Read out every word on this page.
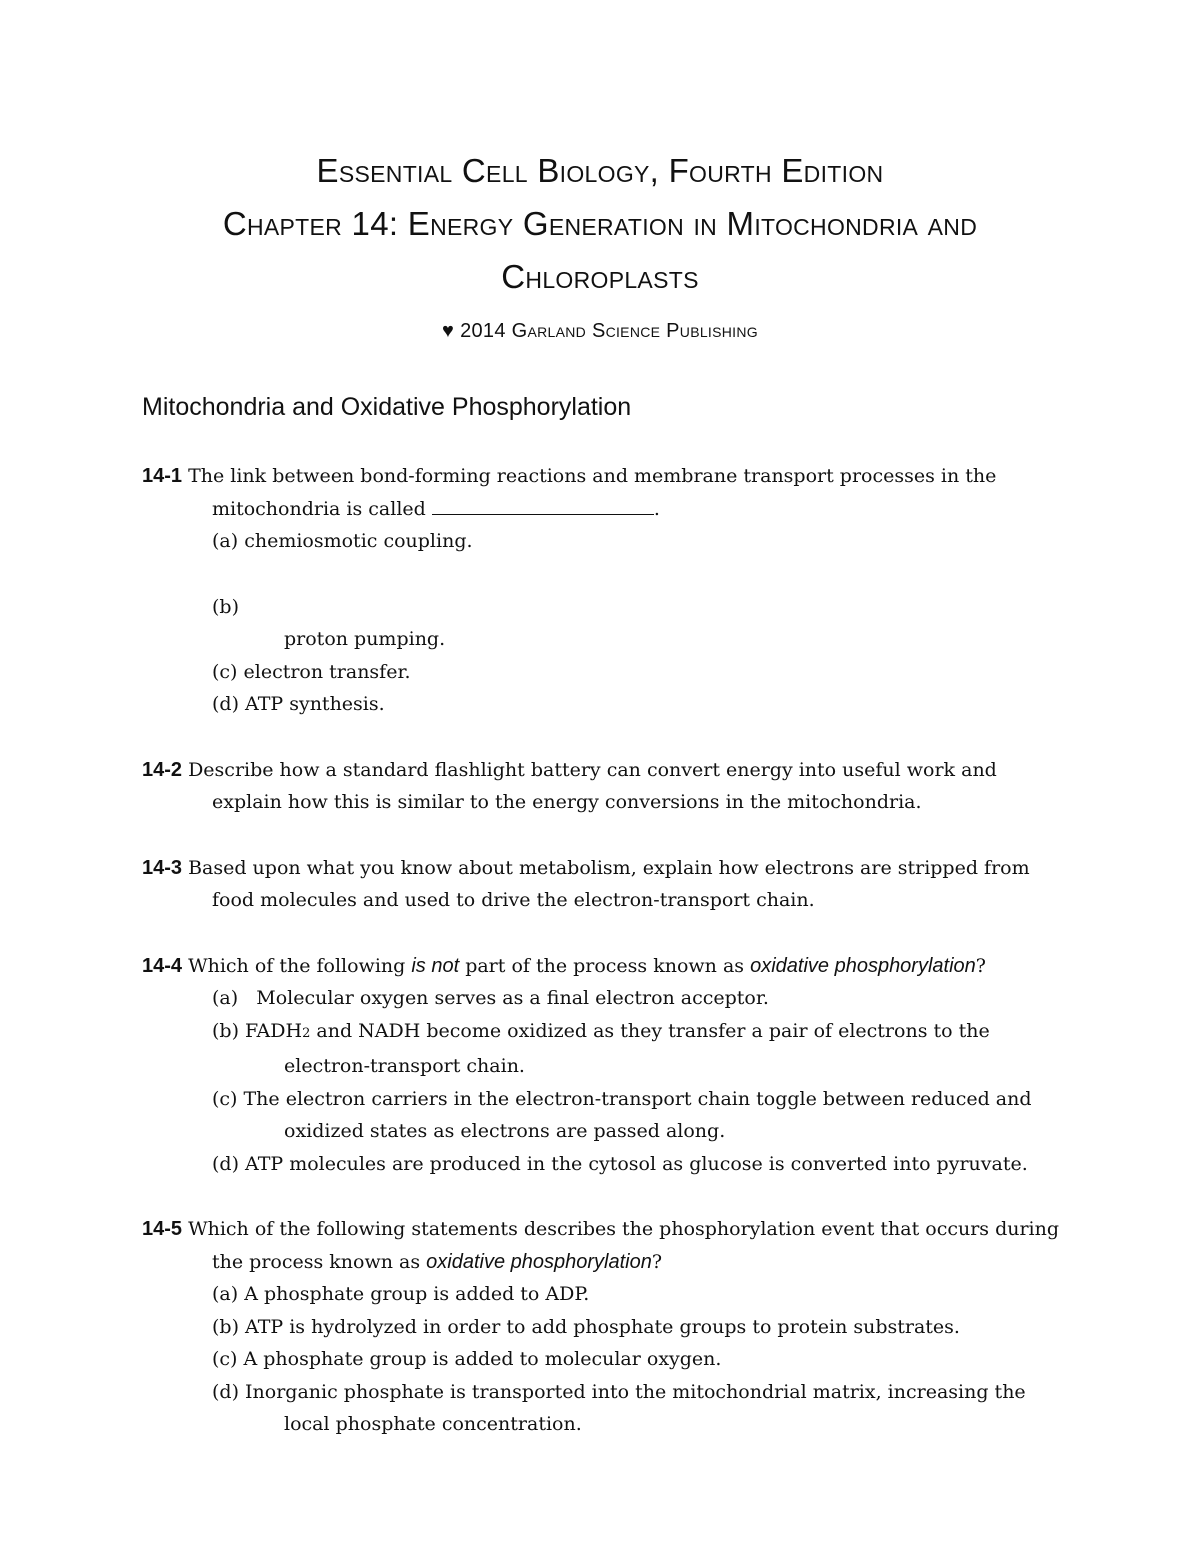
Essential Cell Biology, Fourth Edition
Chapter 14: Energy Generation in Mitochondria and
Chloroplasts
♥ 2014 Garland Science Publishing
Mitochondria and Oxidative Phosphorylation
14-1 The link between bond-forming reactions and membrane transport processes in the
mitochondria is called	.
(a) chemiosmotic coupling.
(b)
proton pumping.
(c) electron transfer.
(d) ATP synthesis.
14-2 Describe how a standard flashlight battery can convert energy into useful work and
explain how this is similar to the energy conversions in the mitochondria.
14-3 Based upon what you know about metabolism, explain how electrons are stripped from
food molecules and used to drive the electron-transport chain.
14-4 Which of the following is not part of the process known as oxidative phosphorylation?
(a)   Molecular oxygen serves as a final electron acceptor.
(b) FADH2 and NADH become oxidized as they transfer a pair of electrons to the
electron-transport chain.
(c) The electron carriers in the electron-transport chain toggle between reduced and
oxidized states as electrons are passed along.
(d) ATP molecules are produced in the cytosol as glucose is converted into pyruvate.
14-5 Which of the following statements describes the phosphorylation event that occurs during
the process known as oxidative phosphorylation?
(a) A phosphate group is added to ADP.
(b) ATP is hydrolyzed in order to add phosphate groups to protein substrates.
(c) A phosphate group is added to molecular oxygen.
(d) Inorganic phosphate is transported into the mitochondrial matrix, increasing the
local phosphate concentration.
